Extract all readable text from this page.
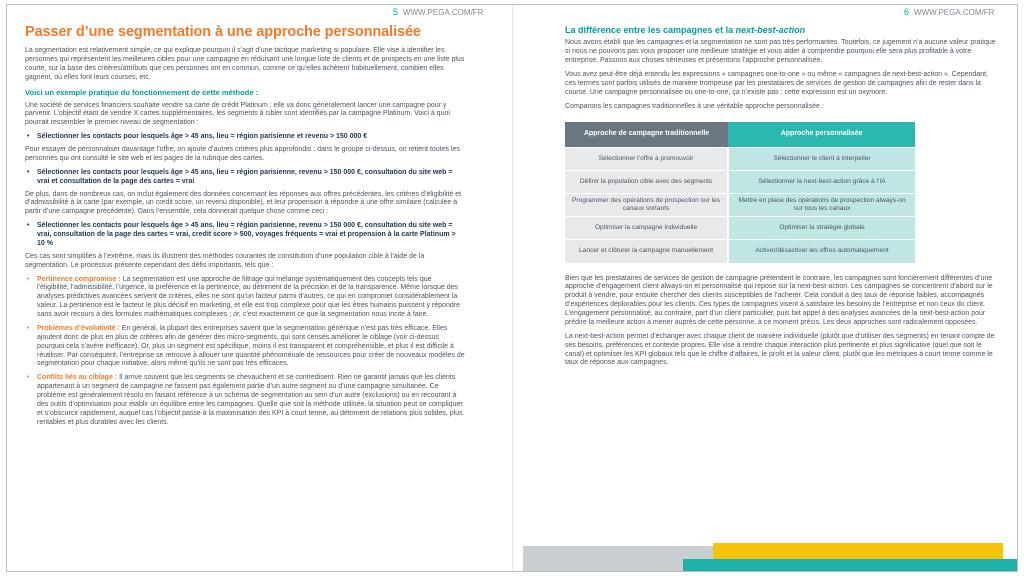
5 WWW.PEGA.COM/FR
Passer d’une segmentation à une approche personnalisée

La segmentation est relativement simple, ce qui explique pourquoi il s’agit d’une tactique marketing si populaire. Elle vise à identifier les personnes qui représentent les meilleures cibles pour une campagne en réduisant une longue liste de clients et de prospects en une liste plus courte, sur la base des critères/attributs que ces personnes ont en commun, comme ce qu’elles achètent habituellement, combien elles gagnent, où elles font leurs courses, etc.

Voici un exemple pratique du fonctionnement de cette méthode :

Une société de services financiers souhaite vendre sa carte de crédit Platinum ; elle va donc généralement lancer une campagne pour y parvenir. L’objectif étant de vendre X cartes supplémentaires, les segments à cibler sont identifiés par la campagne Platinum. Voici à quoi pourrait ressembler le premier niveau de segmentation :

• Sélectionner les contacts pour lesquels âge > 45 ans, lieu = région parisienne et revenu > 150 000 €

Pour essayer de personnaliser davantage l’offre, on ajoute d’autres critères plus approfondis : dans le groupe ci-dessus, on retient toutes les personnes qui ont consulté le site web et les pages de la rubrique des cartes.

• Sélectionner les contacts pour lesquels âge > 45 ans, lieu = région parisienne, revenu > 150 000 €, consultation du site web = vrai et consultation de la page des cartes = vrai

De plus, dans de nombreux cas, on inclut également des données concernant les réponses aux offres précédentes, les critères d’éligibilité et d’admissibilité à la carte (par exemple, un credit score, un revenu disponible), et leur propension à répondre à une offre similaire (calculée à partir d’une campagne précédente). Dans l’ensemble, cela donnerait quelque chose comme ceci :

• Sélectionner les contacts pour lesquels âge > 45 ans, lieu = région parisienne, revenu > 150 000 €, consultation du site web = vrai, consultation de la page des cartes = vrai, credit score > 500, voyages fréquents = vrai et propension à la carte Platinum > 10 %

Ces cas sont simplifiés à l’extrême, mais ils illustrent des méthodes courantes de constitution d’une population cible à l’aide de la segmentation. Le processus présente cependant des défis importants, tels que :

• Pertinence compromise : La segmentation est une approche de filtrage qui mélange systématiquement des concepts tels que l’éligibilité, l’admissibilité, l’urgence, la préférence et la pertinence, au détriment de la précision et de la transparence. Même lorsque des analyses prédictives avancées servent de critères, elles ne sont qu’un facteur parmi d’autres, ce qui en compromet considérablement la valeur. La pertinence est le facteur le plus décisif en marketing, et elle est trop complexe pour que les êtres humains puissent y répondre sans avoir recours à des formules mathématiques complexes ; or, c’est exactement ce que la segmentation nous incite à faire.
• Problèmes d’évolutivité : En général, la plupart des entreprises savent que la segmentation générique n’est pas très efficace. Elles ajoutent donc de plus en plus de critères afin de générer des micro-segments, qui sont censés améliorer le ciblage (voir ci-dessus pourquoi cela s’avère inefficace). Or, plus un segment est spécifique, moins il est transparent et compréhensible, et plus il est difficile à réutiliser. Par conséquent, l’entreprise se retrouve à allouer une quantité phénoménale de ressources pour créer de nouveaux modèles de segmentation pour chaque initiative, alors même qu’ils ne sont pas très efficaces.
• Conflits liés au ciblage : Il arrive souvent que les segments se chevauchent et se contredisent. Rien ne garantit jamais que les clients appartenant à un segment de campagne ne fassent pas également partie d’un autre segment ou d’une campagne simultanée. Ce problème est généralement résolu en faisant référence à un schéma de segmentation au sein d’un autre (exclusions) ou en recourant à des outils d’optimisation pour établir un équilibre entre les campagnes. Quelle que soit la méthode utilisée, la situation peut se compliquer et s’obscurcir rapidement, auquel cas l’objectif passe à la maximisation des KPI à court terme, au détriment de relations plus solides, plus rentables et plus durables avec les clients.
6 WWW.PEGA.COM/FR
La différence entre les campagnes et la next-best-action

Nous avons établi que les campagnes et la segmentation ne sont pas très performantes. Toutefois, ce jugement n’a aucune valeur pratique si nous ne pouvons pas vous proposer une meilleure stratégie et vous aider à comprendre pourquoi elle sera plus profitable à votre entreprise. Passons aux choses sérieuses et présentons l’approche personnalisée.

Vous avez peut-être déjà entendu les expressions « campagnes one-to-one » ou même « campagnes de next-best-action ». Cependant, ces termes sont parfois utilisés de manière trompeuse par les prestataires de services de gestion de campagnes afin de rester dans la course. Une campagne personnalisée ou one-to-one, ça n’existe pas : cette expression est un oxymore.

Comparons les campagnes traditionnelles à une véritable approche personnalisée :

Approche de campagne traditionnelle	Approche personnalisée
Sélectionner l’offre à promouvoir	Sélectionner le client à interpeller
Définir la population cible avec des segments	Sélectionner la next-best-action grâce à l’IA
Programmer des opérations de prospection sur les canaux sortants	Mettre en place des opérations de prospection always-on sur tous les canaux
Optimiser la campagne individuelle	Optimiser la stratégie globale
Lancer et clôturer la campagne manuellement	Activer/désactiver les offres automatiquement

Bien que les prestataires de services de gestion de campagne prétendent le contraire, les campagnes sont foncièrement différentes d’une approche d’engagement client always-on et personnalisé qui repose sur la next-best-action. Les campagnes se concentrent d’abord sur le produit à vendre, pour ensuite chercher des clients susceptibles de l’acheter. Cela conduit à des taux de réponse faibles, accompagnés d’expériences déplorables pour les clients. Ces types de campagnes visent à satisfaire les besoins de l’entreprise et non ceux du client. L’engagement personnalisé, au contraire, part d’un client particulier, puis fait appel à des analyses avancées de la next-best-action pour prédire la meilleure action à mener auprès de cette personne, à ce moment précis. Les deux approches sont radicalement opposées.

La next-best-action permet d’échanger avec chaque client de manière individuelle (plutôt que d’utiliser des segments) en tenant compte de ses besoins, préférences et contexte propres. Elle vise à rendre chaque interaction plus pertinente et plus significative (quel que soit le canal) et optimiser les KPI globaux tels que le chiffre d’affaires, le profit et la valeur client, plutôt que les métriques à court terme comme le taux de réponse aux campagnes.
